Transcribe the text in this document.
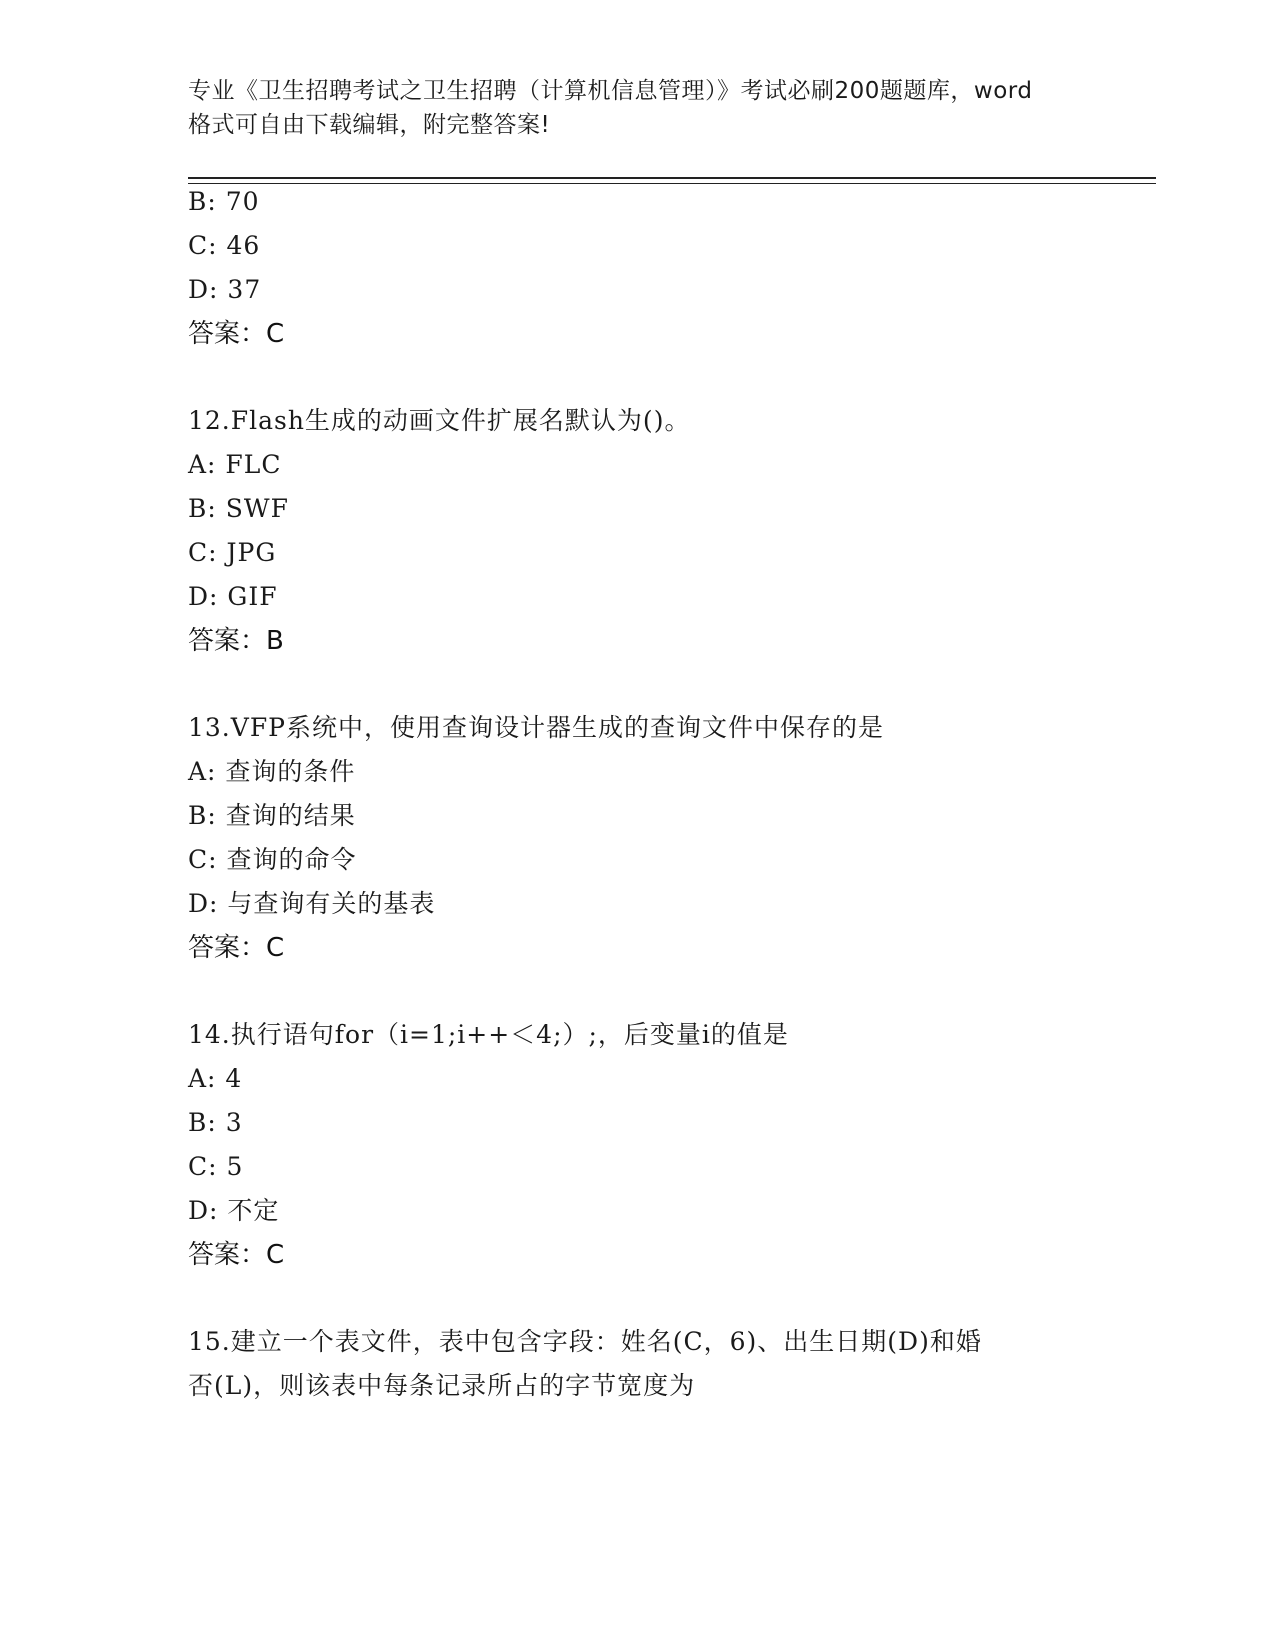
专业《卫生招聘考试之卫生招聘（计算机信息管理）》考试必刷200题题库，word
格式可自由下载编辑，附完整答案!
B: 70
C: 46
D: 37
答案：C
12.Flash生成的动画文件扩展名默认为()。
A: FLC
B: SWF
C: JPG
D: GIF
答案：B
13.VFP系统中，使用查询设计器生成的查询文件中保存的是
A: 查询的条件
B: 查询的结果
C: 查询的命令
D: 与查询有关的基表
答案：C
14.执行语句for（i=1;i++＜4;）;，后变量i的值是
A: 4
B: 3
C: 5
D: 不定
答案：C
15.建立一个表文件，表中包含字段：姓名(C，6)、出生日期(D)和婚
否(L)，则该表中每条记录所占的字节宽度为
